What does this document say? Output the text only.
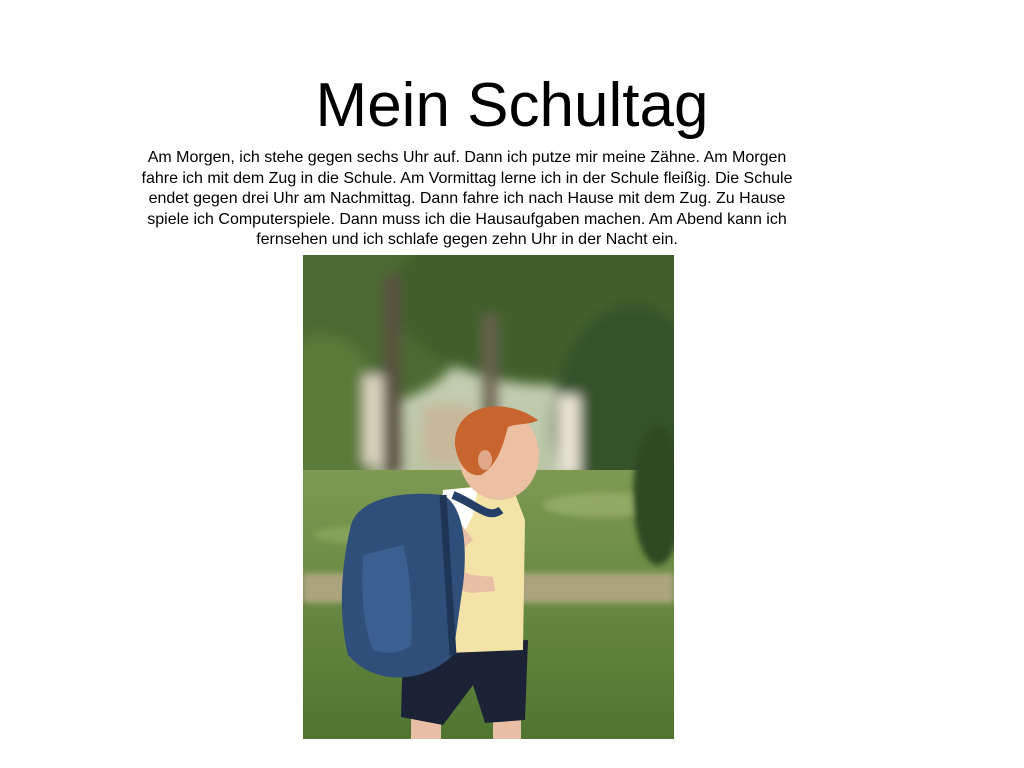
Mein Schultag

Am Morgen, ich stehe gegen sechs Uhr auf. Dann ich putze mir meine Zähne. Am Morgen
fahre ich mit dem Zug in die Schule. Am Vormittag lerne ich in der Schule fleißig. Die Schule
endet gegen drei Uhr am Nachmittag. Dann fahre ich nach Hause mit dem Zug. Zu Hause
spiele ich Computerspiele. Dann muss ich die Hausaufgaben machen. Am Abend kann ich
fernsehen und ich schlafe gegen zehn Uhr in der Nacht ein.
